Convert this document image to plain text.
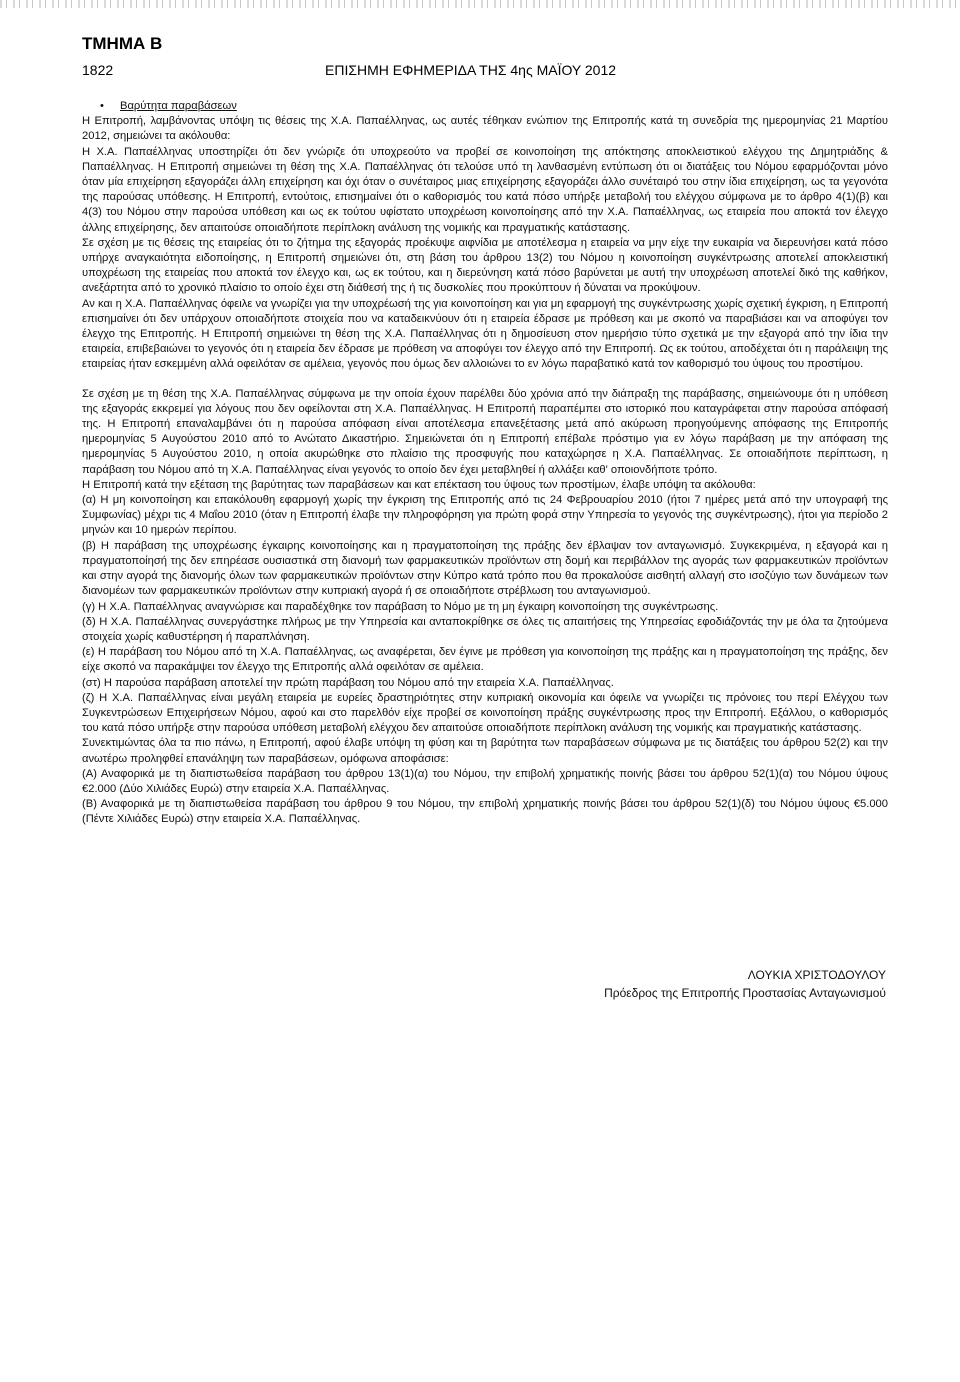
ΤΜΗΜΑ Β
1822	ΕΠΙΣΗΜΗ ΕΦΗΜΕΡΙΔΑ ΤΗΣ 4ης ΜΑΪΟΥ 2012

• Βαρύτητα παραβάσεων

Η Επιτροπή, λαμβάνοντας υπόψη τις θέσεις της Χ.Α. Παπαέλληνας, ως αυτές τέθηκαν ενώπιον της Επιτροπής κατά τη συνεδρία της ημερομηνίας 21 Μαρτίου 2012, σημειώνει τα ακόλουθα:

Η Χ.Α. Παπαέλληνας υποστηρίζει ότι δεν γνώριζε ότι υποχρεούτο να προβεί σε κοινοποίηση της απόκτησης αποκλειστικού ελέγχου της Δημητριάδης & Παπαέλληνας. Η Επιτροπή σημειώνει τη θέση της Χ.Α. Παπαέλληνας ότι τελούσε υπό τη λανθασμένη εντύπωση ότι οι διατάξεις του Νόμου εφαρμόζονται μόνο όταν μία επιχείρηση εξαγοράζει άλλη επιχείρηση και όχι όταν ο συνέταιρος μιας επιχείρησης εξαγοράζει άλλο συνέταιρό του στην ίδια επιχείρηση, ως τα γεγονότα της παρούσας υπόθεσης. Η Επιτροπή, εντούτοις, επισημαίνει ότι ο καθορισμός του κατά πόσο υπήρξε μεταβολή του ελέγχου σύμφωνα με το άρθρο 4(1)(β) και 4(3) του Νόμου στην παρούσα υπόθεση και ως εκ τούτου υφίστατο υποχρέωση κοινοποίησης από την Χ.Α. Παπαέλληνας, ως εταιρεία που αποκτά τον έλεγχο άλλης επιχείρησης, δεν απαιτούσε οποιαδήποτε περίπλοκη ανάλυση της νομικής και πραγματικής κατάστασης.

Σε σχέση με τις θέσεις της εταιρείας ότι το ζήτημα της εξαγοράς προέκυψε αιφνίδια με αποτέλεσμα η εταιρεία να μην είχε την ευκαιρία να διερευνήσει κατά πόσο υπήρχε αναγκαιότητα ειδοποίησης, η Επιτροπή σημειώνει ότι, στη βάση του άρθρου 13(2) του Νόμου η κοινοποίηση συγκέντρωσης αποτελεί αποκλειστική υποχρέωση της εταιρείας που αποκτά τον έλεγχο και, ως εκ τούτου, και η διερεύνηση κατά πόσο βαρύνεται με αυτή την υποχρέωση αποτελεί δικό της καθήκον, ανεξάρτητα από το χρονικό πλαίσιο το οποίο έχει στη διάθεσή της ή τις δυσκολίες που προκύπτουν ή δύναται να προκύψουν.

Αν και η Χ.Α. Παπαέλληνας όφειλε να γνωρίζει για την υποχρέωσή της για κοινοποίηση και για μη εφαρμογή της συγκέντρωσης χωρίς σχετική έγκριση, η Επιτροπή επισημαίνει ότι δεν υπάρχουν οποιαδήποτε στοιχεία που να καταδεικνύουν ότι η εταιρεία έδρασε με πρόθεση και με σκοπό να παραβιάσει και να αποφύγει τον έλεγχο της Επιτροπής. Η Επιτροπή σημειώνει τη θέση της Χ.Α. Παπαέλληνας ότι η δημοσίευση στον ημερήσιο τύπο σχετικά με την εξαγορά από την ίδια την εταιρεία, επιβεβαιώνει το γεγονός ότι η εταιρεία δεν έδρασε με πρόθεση να αποφύγει τον έλεγχο από την Επιτροπή. Ως εκ τούτου, αποδέχεται ότι η παράλειψη της εταιρείας ήταν εσκεμμένη αλλά οφειλόταν σε αμέλεια, γεγονός που όμως δεν αλλοιώνει το εν λόγω παραβατικό κατά τον καθορισμό του ύψους του προστίμου.

Σε σχέση με τη θέση της Χ.Α. Παπαέλληνας σύμφωνα με την οποία έχουν παρέλθει δύο χρόνια από την διάπραξη της παράβασης, σημειώνουμε ότι η υπόθεση της εξαγοράς εκκρεμεί για λόγους που δεν οφείλονται στη Χ.Α. Παπαέλληνας. Η Επιτροπή παραπέμπει στο ιστορικό που καταγράφεται στην παρούσα απόφασή της. Η Επιτροπή επαναλαμβάνει ότι η παρούσα απόφαση είναι αποτέλεσμα επανεξέτασης μετά από ακύρωση προηγούμενης απόφασης της Επιτροπής ημερομηνίας 5 Αυγούστου 2010 από το Ανώτατο Δικαστήριο. Σημειώνεται ότι η Επιτροπή επέβαλε πρόστιμο για εν λόγω παράβαση με την απόφαση της ημερομηνίας 5 Αυγούστου 2010, η οποία ακυρώθηκε στο πλαίσιο της προσφυγής που καταχώρησε η Χ.Α. Παπαέλληνας. Σε οποιαδήποτε περίπτωση, η παράβαση του Νόμου από τη Χ.Α. Παπαέλληνας είναι γεγονός το οποίο δεν έχει μεταβληθεί ή αλλάξει καθ' οποιονδήποτε τρόπο.

Η Επιτροπή κατά την εξέταση της βαρύτητας των παραβάσεων και κατ επέκταση του ύψους των προστίμων, έλαβε υπόψη τα ακόλουθα:

(α) Η μη κοινοποίηση και επακόλουθη εφαρμογή χωρίς την έγκριση της Επιτροπής από τις 24 Φεβρουαρίου 2010 (ήτοι 7 ημέρες μετά από την υπογραφή της Συμφωνίας) μέχρι τις 4 Μαΐου 2010 (όταν η Επιτροπή έλαβε την πληροφόρηση για πρώτη φορά στην Υπηρεσία το γεγονός της συγκέντρωσης), ήτοι για περίοδο 2 μηνών και 10 ημερών περίπου.

(β) Η παράβαση της υποχρέωσης έγκαιρης κοινοποίησης και η πραγματοποίηση της πράξης δεν έβλαψαν τον ανταγωνισμό. Συγκεκριμένα, η εξαγορά και η πραγματοποίησή της δεν επηρέασε ουσιαστικά στη διανομή των φαρμακευτικών προϊόντων στη δομή και περιβάλλον της αγοράς των φαρμακευτικών προϊόντων και στην αγορά της διανομής όλων των φαρμακευτικών προϊόντων στην Κύπρο κατά τρόπο που θα προκαλούσε αισθητή αλλαγή στο ισοζύγιο των δυνάμεων των διανομέων των φαρμακευτικών προϊόντων στην κυπριακή αγορά ή σε οποιαδήποτε στρέβλωση του ανταγωνισμού.

(γ) Η Χ.Α. Παπαέλληνας αναγνώρισε και παραδέχθηκε τον παράβαση το Νόμο με τη μη έγκαιρη κοινοποίηση της συγκέντρωσης.

(δ) Η Χ.Α. Παπαέλληνας συνεργάστηκε πλήρως με την Υπηρεσία και ανταποκρίθηκε σε όλες τις απαιτήσεις της Υπηρεσίας εφοδιάζοντάς την με όλα τα ζητούμενα στοιχεία χωρίς καθυστέρηση ή παραπλάνηση.

(ε) Η παράβαση του Νόμου από τη Χ.Α. Παπαέλληνας, ως αναφέρεται, δεν έγινε με πρόθεση για κοινοποίηση της πράξης και η πραγματοποίηση της πράξης, δεν είχε σκοπό να παρακάμψει τον έλεγχο της Επιτροπής αλλά οφειλόταν σε αμέλεια.

(στ) Η παρούσα παράβαση αποτελεί την πρώτη παράβαση του Νόμου από την εταιρεία Χ.Α. Παπαέλληνας.

(ζ) Η Χ.Α. Παπαέλληνας είναι μεγάλη εταιρεία με ευρείες δραστηριότητες στην κυπριακή οικονομία και όφειλε να γνωρίζει τις πρόνοιες του περί Ελέγχου των Συγκεντρώσεων Επιχειρήσεων Νόμου, αφού και στο παρελθόν είχε προβεί σε κοινοποίηση πράξης συγκέντρωσης προς την Επιτροπή. Εξάλλου, ο καθορισμός του κατά πόσο υπήρξε στην παρούσα υπόθεση μεταβολή ελέγχου δεν απαιτούσε οποιαδήποτε περίπλοκη ανάλυση της νομικής και πραγματικής κατάστασης.

Συνεκτιμώντας όλα τα πιο πάνω, η Επιτροπή, αφού έλαβε υπόψη τη φύση και τη βαρύτητα των παραβάσεων σύμφωνα με τις διατάξεις του άρθρου 52(2) και την ανωτέρω προληφθεί επανάληψη των παραβάσεων, ομόφωνα αποφάσισε:

(Α) Αναφορικά με τη διαπιστωθείσα παράβαση του άρθρου 13(1)(α) του Νόμου, την επιβολή χρηματικής ποινής βάσει του άρθρου 52(1)(α) του Νόμου ύψους €2.000 (Δύο Χιλιάδες Ευρώ) στην εταιρεία Χ.Α. Παπαέλληνας.

(Β) Αναφορικά με τη διαπιστωθείσα παράβαση του άρθρου 9 του Νόμου, την επιβολή χρηματικής ποινής βάσει του άρθρου 52(1)(δ) του Νόμου ύψους €5.000 (Πέντε Χιλιάδες Ευρώ) στην εταιρεία Χ.Α. Παπαέλληνας.

ΛΟΥΚΙΑ ΧΡΙΣΤΟΔΟΥΛΟΥ
Πρόεδρος της Επιτροπής Προστασίας Ανταγωνισμού
